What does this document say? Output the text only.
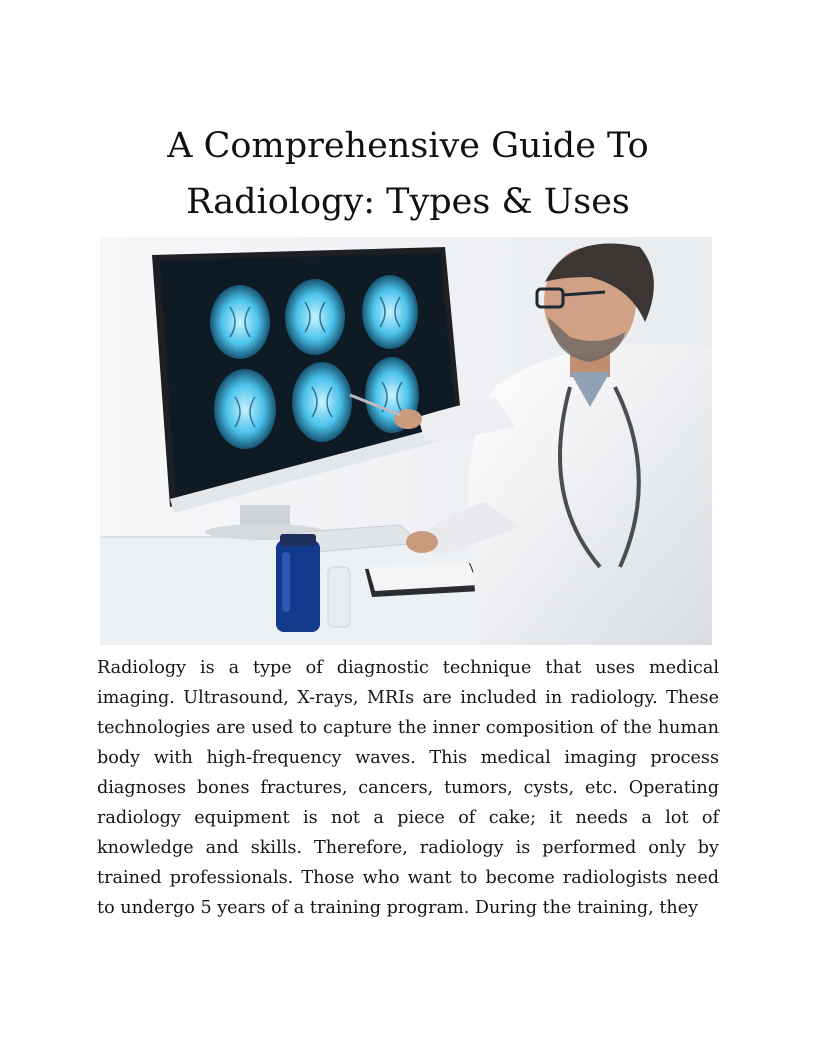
A Comprehensive Guide To
Radiology: Types & Uses

Radiology is a type of diagnostic technique that uses medical imaging. Ultrasound, X-rays, MRIs are included in radiology. These technologies are used to capture the inner composition of the human body with high-frequency waves. This medical imaging process diagnoses bones fractures, cancers, tumors, cysts, etc. Operating radiology equipment is not a piece of cake; it needs a lot of knowledge and skills. Therefore, radiology is performed only by trained professionals. Those who want to become radiologists need to undergo 5 years of a training program. During the training, they
